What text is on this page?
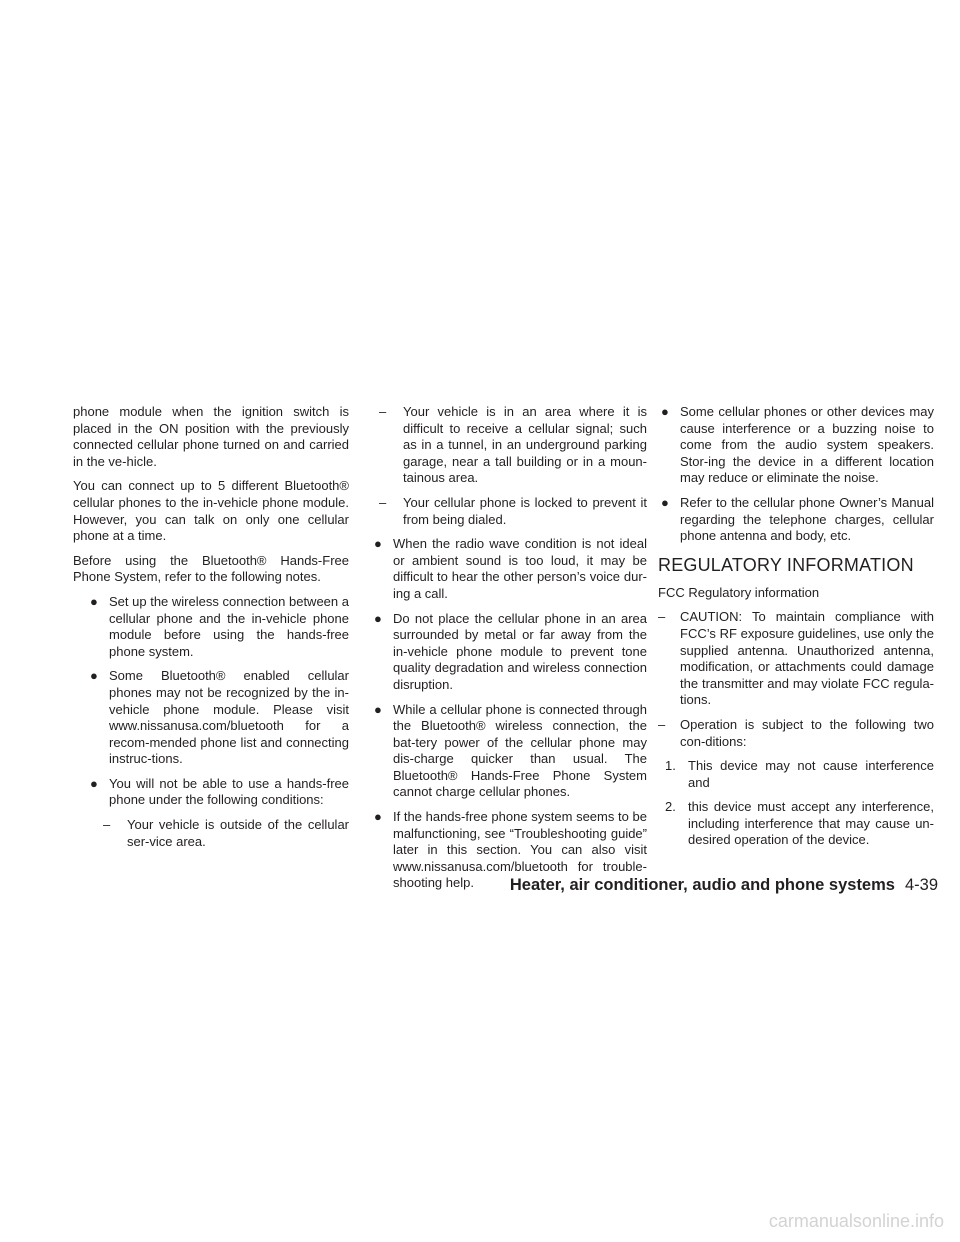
phone module when the ignition switch is placed in the ON position with the previously connected cellular phone turned on and carried in the ve-hicle.

You can connect up to 5 different Bluetooth® cellular phones to the in-vehicle phone module. However, you can talk on only one cellular phone at a time.

Before using the Bluetooth® Hands-Free Phone System, refer to the following notes.

● Set up the wireless connection between a cellular phone and the in-vehicle phone module before using the hands-free phone system.
● Some Bluetooth® enabled cellular phones may not be recognized by the in-vehicle phone module. Please visit www.nissanusa.com/bluetooth for a recom-mended phone list and connecting instruc-tions.
● You will not be able to use a hands-free phone under the following conditions:
– Your vehicle is outside of the cellular ser-vice area.
– Your vehicle is in an area where it is difficult to receive a cellular signal; such as in a tunnel, in an underground parking garage, near a tall building or in a moun-tainous area.
– Your cellular phone is locked to prevent it from being dialed.
● When the radio wave condition is not ideal or ambient sound is too loud, it may be difficult to hear the other person’s voice dur-ing a call.
● Do not place the cellular phone in an area surrounded by metal or far away from the in-vehicle phone module to prevent tone quality degradation and wireless connection disruption.
● While a cellular phone is connected through the Bluetooth® wireless connection, the bat-tery power of the cellular phone may dis-charge quicker than usual. The Bluetooth® Hands-Free Phone System cannot charge cellular phones.
● If the hands-free phone system seems to be malfunctioning, see “Troubleshooting guide” later in this section. You can also visit www.nissanusa.com/bluetooth for trouble-shooting help.
● Some cellular phones or other devices may cause interference or a buzzing noise to come from the audio system speakers. Stor-ing the device in a different location may reduce or eliminate the noise.
● Refer to the cellular phone Owner’s Manual regarding the telephone charges, cellular phone antenna and body, etc.
REGULATORY INFORMATION

FCC Regulatory information

– CAUTION: To maintain compliance with FCC’s RF exposure guidelines, use only the supplied antenna. Unauthorized antenna, modification, or attachments could damage the transmitter and may violate FCC regula-tions.
– Operation is subject to the following two con-ditions:
1. This device may not cause interference and
2. this device must accept any interference, including interference that may cause un-desired operation of the device.
Heater, air conditioner, audio and phone systems 4-39
carmanualsonline.info
